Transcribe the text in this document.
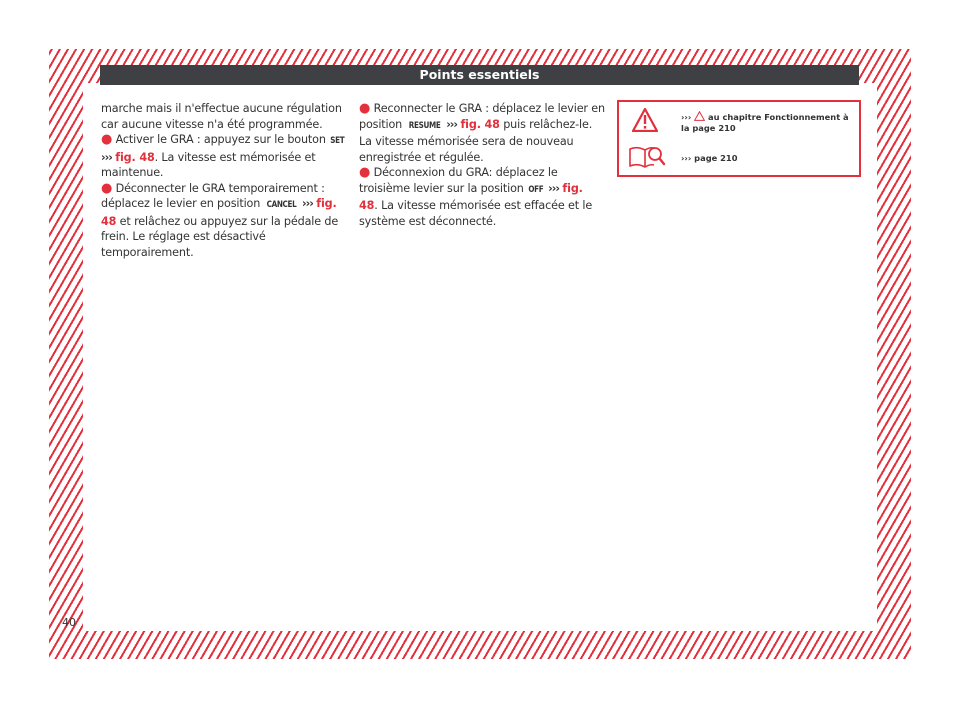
Points essentiels

marche mais il n'effectue aucune régulation car aucune vitesse n'a été programmée.

● Activer le GRA : appuyez sur le bouton SET
››› fig. 48. La vitesse est mémorisée et maintenue.

● Déconnecter le GRA temporairement : déplacez le levier en position CANCEL ››› fig. 48 et relâchez ou appuyez sur la pédale de frein. Le réglage est désactivé temporairement.

● Reconnecter le GRA : déplacez le levier en position RESUME ››› fig. 48 puis relâchez-le. La vitesse mémorisée sera de nouveau enregistrée et régulée.

● Déconnexion du GRA: déplacez le troisième levier sur la position OFF ››› fig. 48. La vitesse mémorisée est effacée et le système est déconnecté.

›››  au chapitre Fonctionnement à la page 210
››› page 210
40
